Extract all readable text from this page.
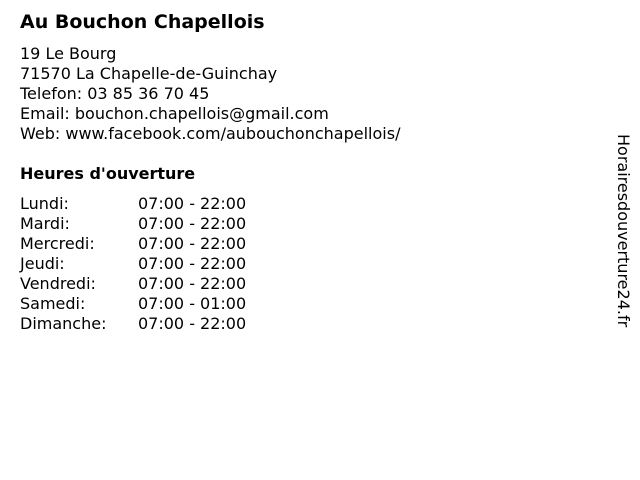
Au Bouchon Chapellois
19 Le Bourg
71570 La Chapelle-de-Guinchay
Telefon: 03 85 36 70 45
Email: bouchon.chapellois@gmail.com
Web: www.facebook.com/aubouchonchapellois/
Heures d'ouverture
Lundi:	07:00 - 22:00
Mardi:	07:00 - 22:00
Mercredi:	07:00 - 22:00
Jeudi:	07:00 - 22:00
Vendredi:	07:00 - 22:00
Samedi:	07:00 - 01:00
Dimanche:	07:00 - 22:00	Horairesdouverture24.fr
